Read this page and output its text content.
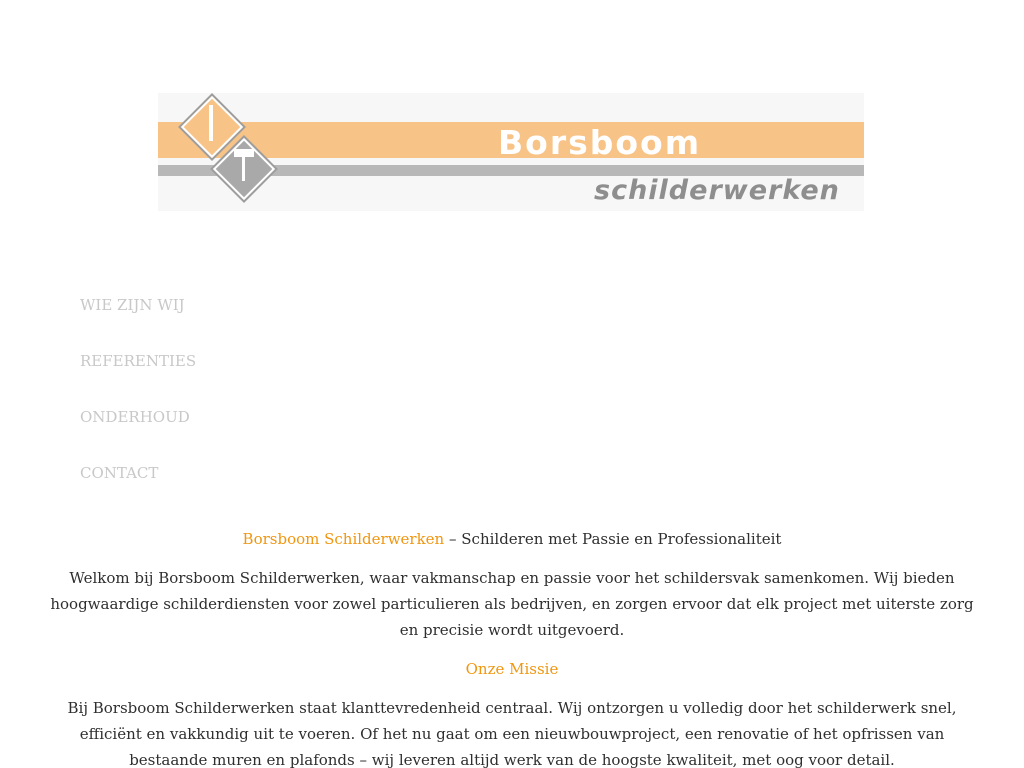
Borsboom
schilderwerken
WIE ZIJN WIJ
REFERENTIES
ONDERHOUD
CONTACT

Borsboom Schilderwerken – Schilderen met Passie en Professionaliteit

Welkom bij Borsboom Schilderwerken, waar vakmanschap en passie voor het schildersvak samenkomen. Wij bieden hoogwaardige schilderdiensten voor zowel particulieren als bedrijven, en zorgen ervoor dat elk project met uiterste zorg en precisie wordt uitgevoerd.

Onze Missie

Bij Borsboom Schilderwerken staat klanttevredenheid centraal. Wij ontzorgen u volledig door het schilderwerk snel, efficiënt en vakkundig uit te voeren. Of het nu gaat om een nieuwbouwproject, een renovatie of het opfrissen van bestaande muren en plafonds – wij leveren altijd werk van de hoogste kwaliteit, met oog voor detail.
